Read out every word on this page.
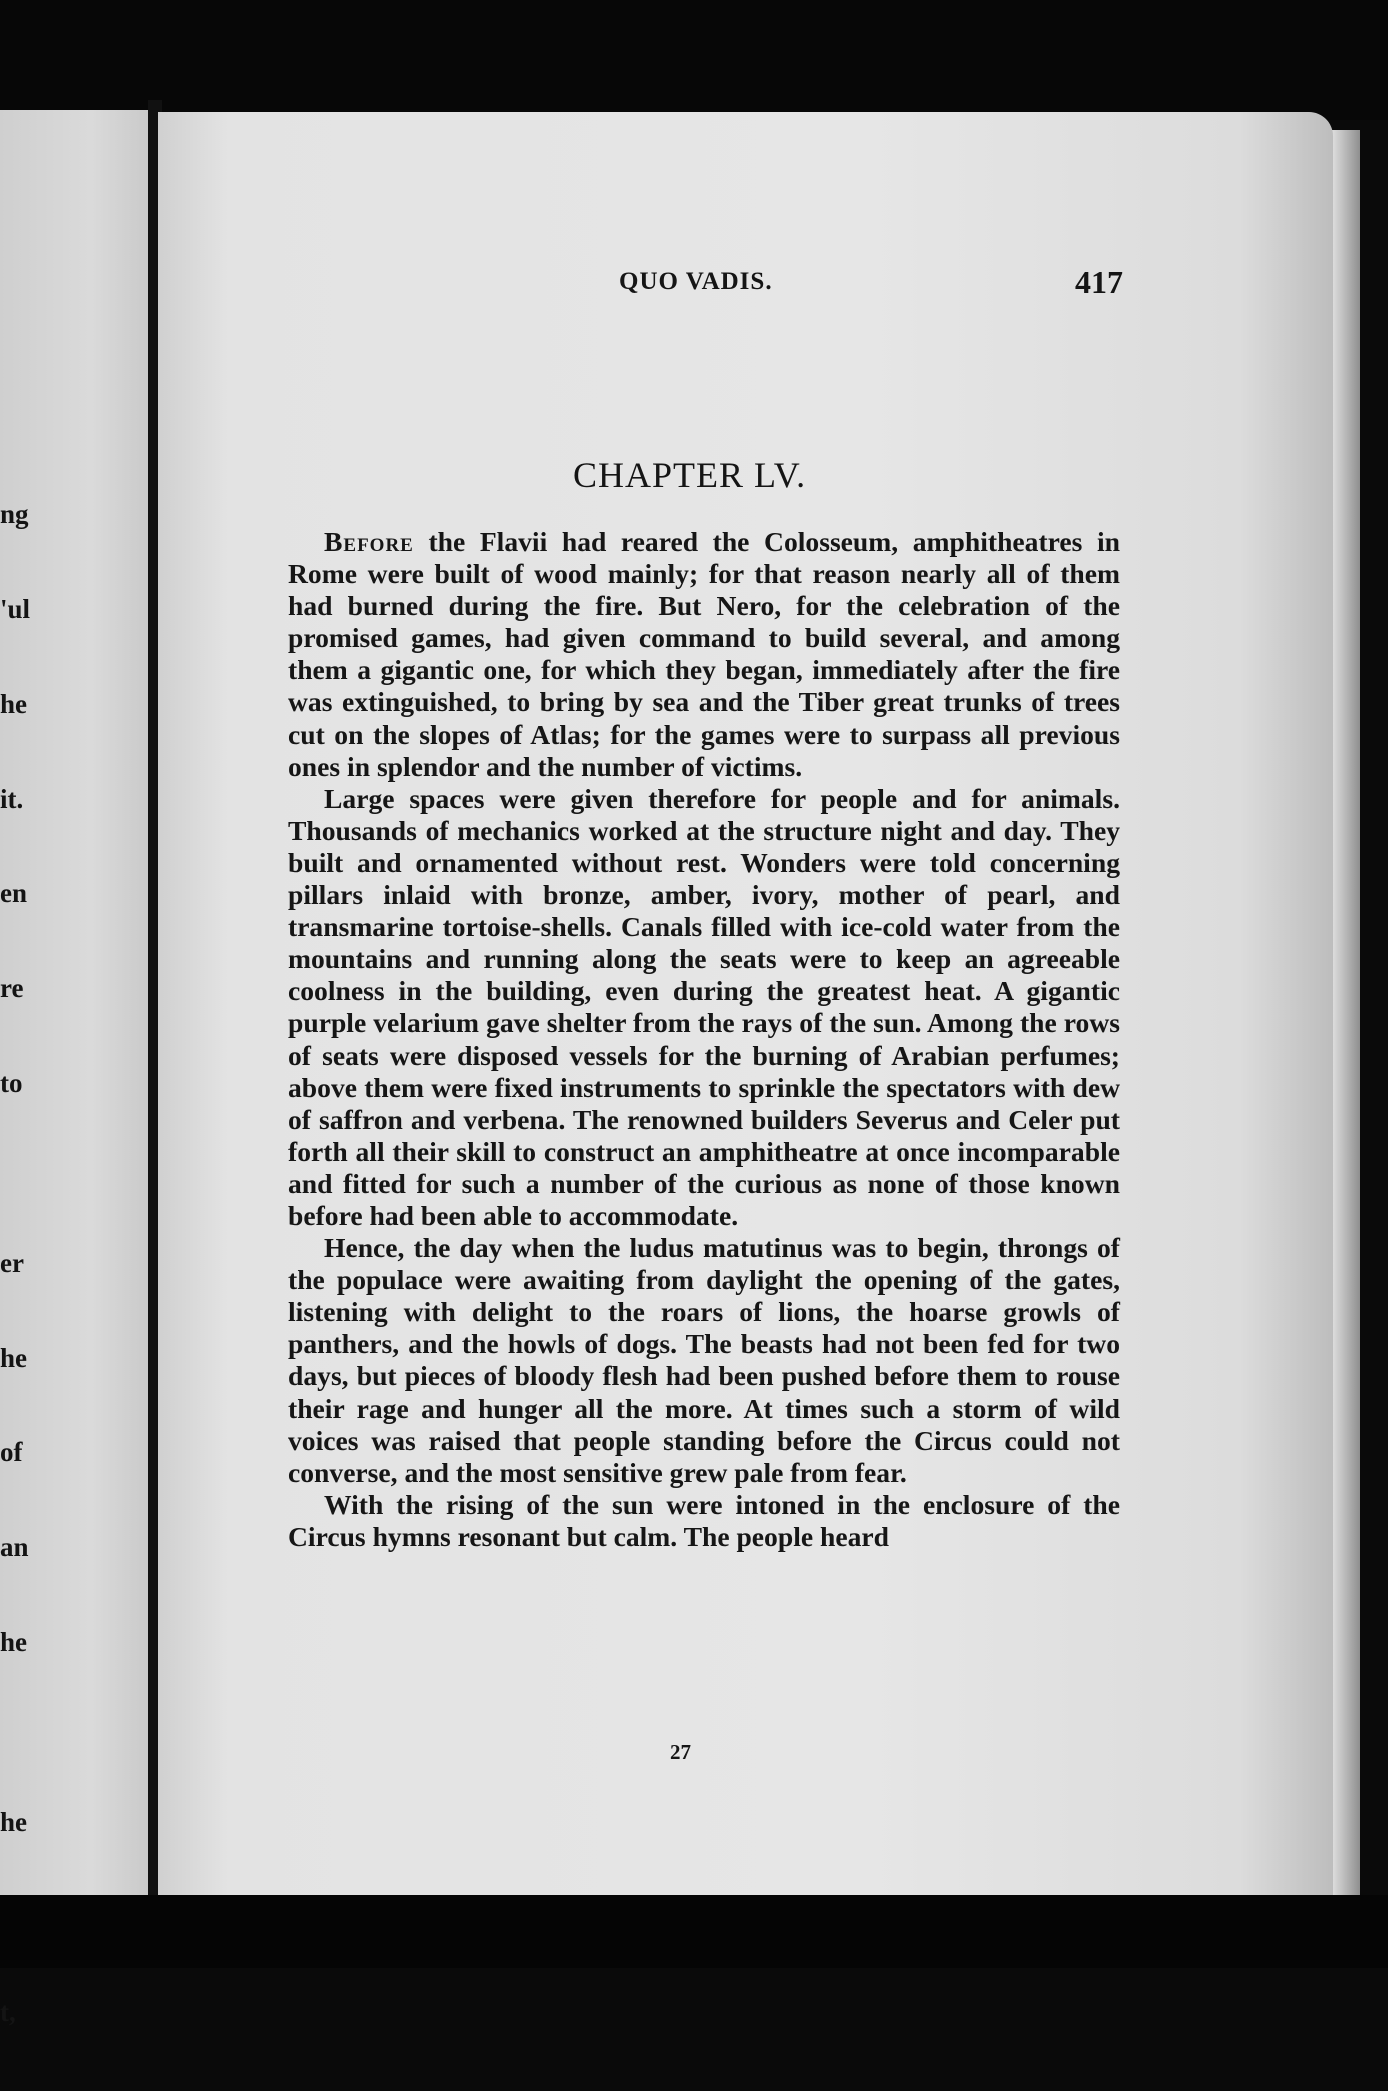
ng

'ul

he

it.

en

re

to

er

he

of

an

he

he

t,

QUO VADIS.	417
CHAPTER LV.

Before the Flavii had reared the Colosseum, amphitheatres in Rome were built of wood mainly; for that reason nearly all of them had burned during the fire. But Nero, for the celebration of the promised games, had given command to build several, and among them a gigantic one, for which they began, immediately after the fire was extinguished, to bring by sea and the Tiber great trunks of trees cut on the slopes of Atlas; for the games were to surpass all previous ones in splendor and the number of victims.

Large spaces were given therefore for people and for animals. Thousands of mechanics worked at the structure night and day. They built and ornamented without rest. Wonders were told concerning pillars inlaid with bronze, amber, ivory, mother of pearl, and transmarine tortoise-shells. Canals filled with ice-cold water from the mountains and running along the seats were to keep an agreeable coolness in the building, even during the greatest heat. A gigantic purple velarium gave shelter from the rays of the sun. Among the rows of seats were disposed vessels for the burning of Arabian perfumes; above them were fixed instruments to sprinkle the spectators with dew of saffron and verbena. The renowned builders Severus and Celer put forth all their skill to construct an amphitheatre at once incomparable and fitted for such a number of the curious as none of those known before had been able to accommodate.

Hence, the day when the ludus matutinus was to begin, throngs of the populace were awaiting from daylight the opening of the gates, listening with delight to the roars of lions, the hoarse growls of panthers, and the howls of dogs. The beasts had not been fed for two days, but pieces of bloody flesh had been pushed before them to rouse their rage and hunger all the more. At times such a storm of wild voices was raised that people standing before the Circus could not converse, and the most sensitive grew pale from fear.

With the rising of the sun were intoned in the enclosure of the Circus hymns resonant but calm. The people heard

27
